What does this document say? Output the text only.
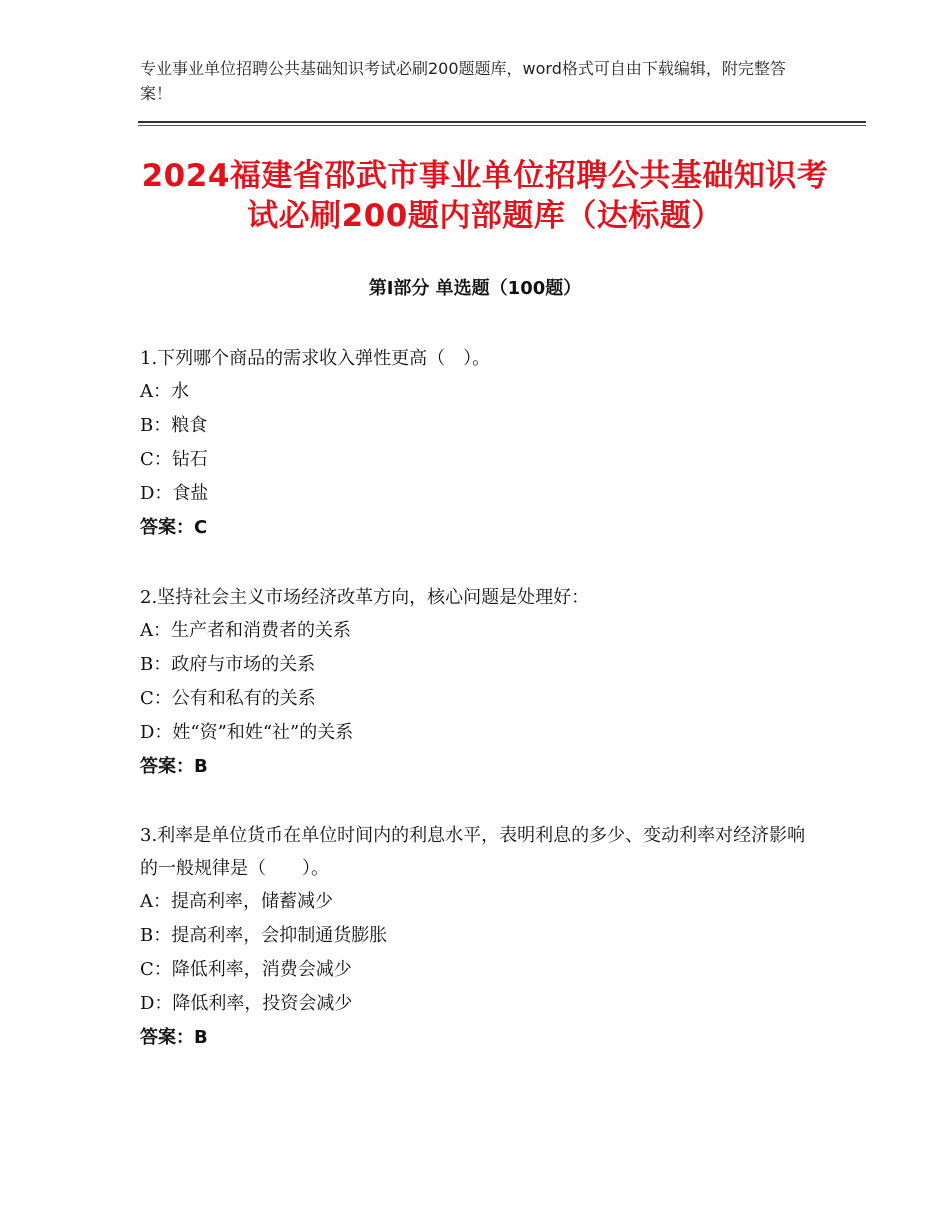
专业事业单位招聘公共基础知识考试必刷200题题库，word格式可自由下载编辑，附完整答案！
2024福建省邵武市事业单位招聘公共基础知识考试必刷200题内部题库（达标题）
第Ⅰ部分 单选题（100题）

1.下列哪个商品的需求收入弹性更高（　）。

A：水

B：粮食

C：钻石

D：食盐

答案：C

2.坚持社会主义市场经济改革方向，核心问题是处理好：

A：生产者和消费者的关系

B：政府与市场的关系

C：公有和私有的关系

D：姓“资”和姓“社”的关系

答案：B

3.利率是单位货币在单位时间内的利息水平，表明利息的多少、变动利率对经济影响的一般规律是（　　）。

A：提高利率，储蓄减少

B：提高利率，会抑制通货膨胀

C：降低利率，消费会减少

D：降低利率，投资会减少

答案：B
